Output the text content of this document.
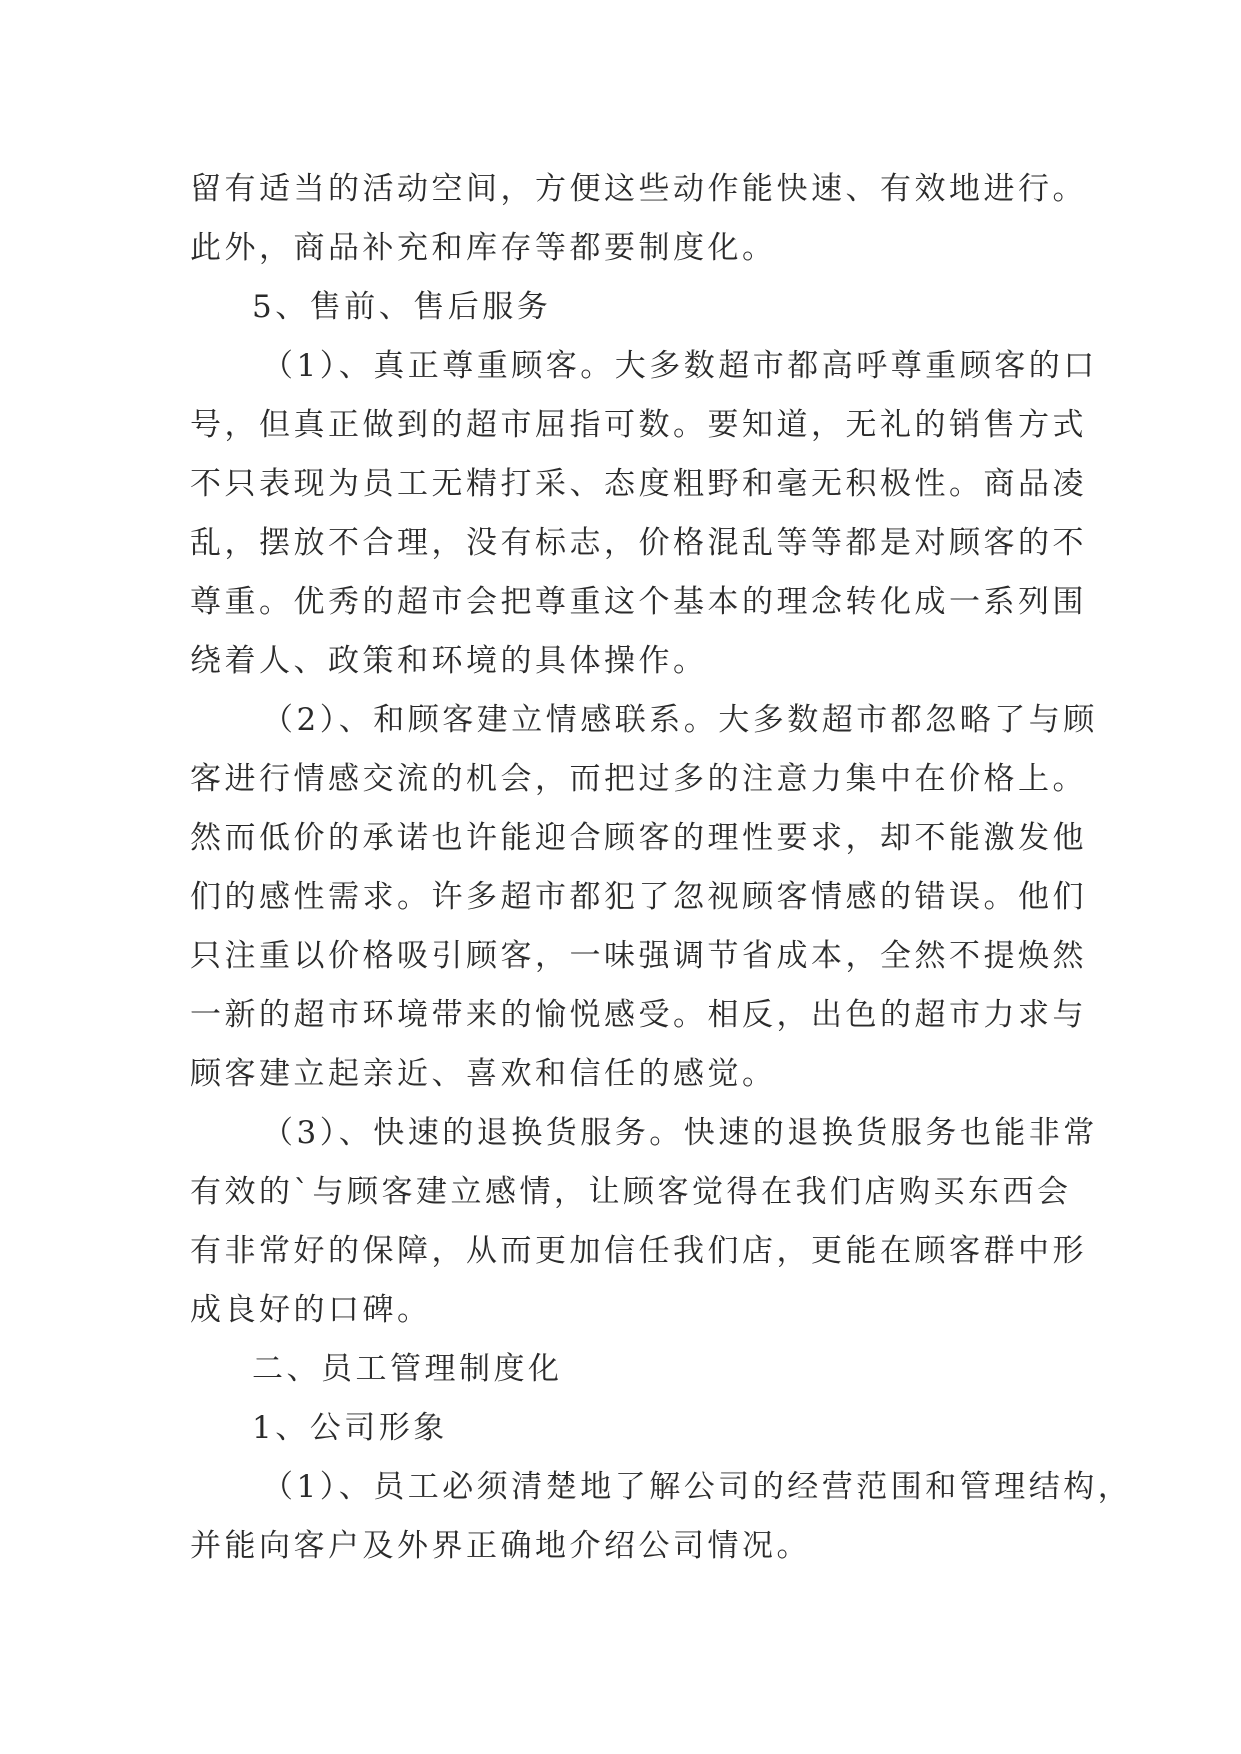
留有适当的活动空间，方便这些动作能快速、有效地进行。
此外，商品补充和库存等都要制度化。
5、售前、售后服务
（1）、真正尊重顾客。大多数超市都高呼尊重顾客的口
号，但真正做到的超市屈指可数。要知道，无礼的销售方式
不只表现为员工无精打采、态度粗野和毫无积极性。商品凌
乱，摆放不合理，没有标志，价格混乱等等都是对顾客的不
尊重。优秀的超市会把尊重这个基本的理念转化成一系列围
绕着人、政策和环境的具体操作。
（2）、和顾客建立情感联系。大多数超市都忽略了与顾
客进行情感交流的机会，而把过多的注意力集中在价格上。
然而低价的承诺也许能迎合顾客的理性要求，却不能激发他
们的感性需求。许多超市都犯了忽视顾客情感的错误。他们
只注重以价格吸引顾客，一味强调节省成本，全然不提焕然
一新的超市环境带来的愉悦感受。相反，出色的超市力求与
顾客建立起亲近、喜欢和信任的感觉。
（3）、快速的退换货服务。快速的退换货服务也能非常
有效的`与顾客建立感情，让顾客觉得在我们店购买东西会
有非常好的保障，从而更加信任我们店，更能在顾客群中形
成良好的口碑。
二、员工管理制度化
1、公司形象
（1）、员工必须清楚地了解公司的经营范围和管理结构，
并能向客户及外界正确地介绍公司情况。
